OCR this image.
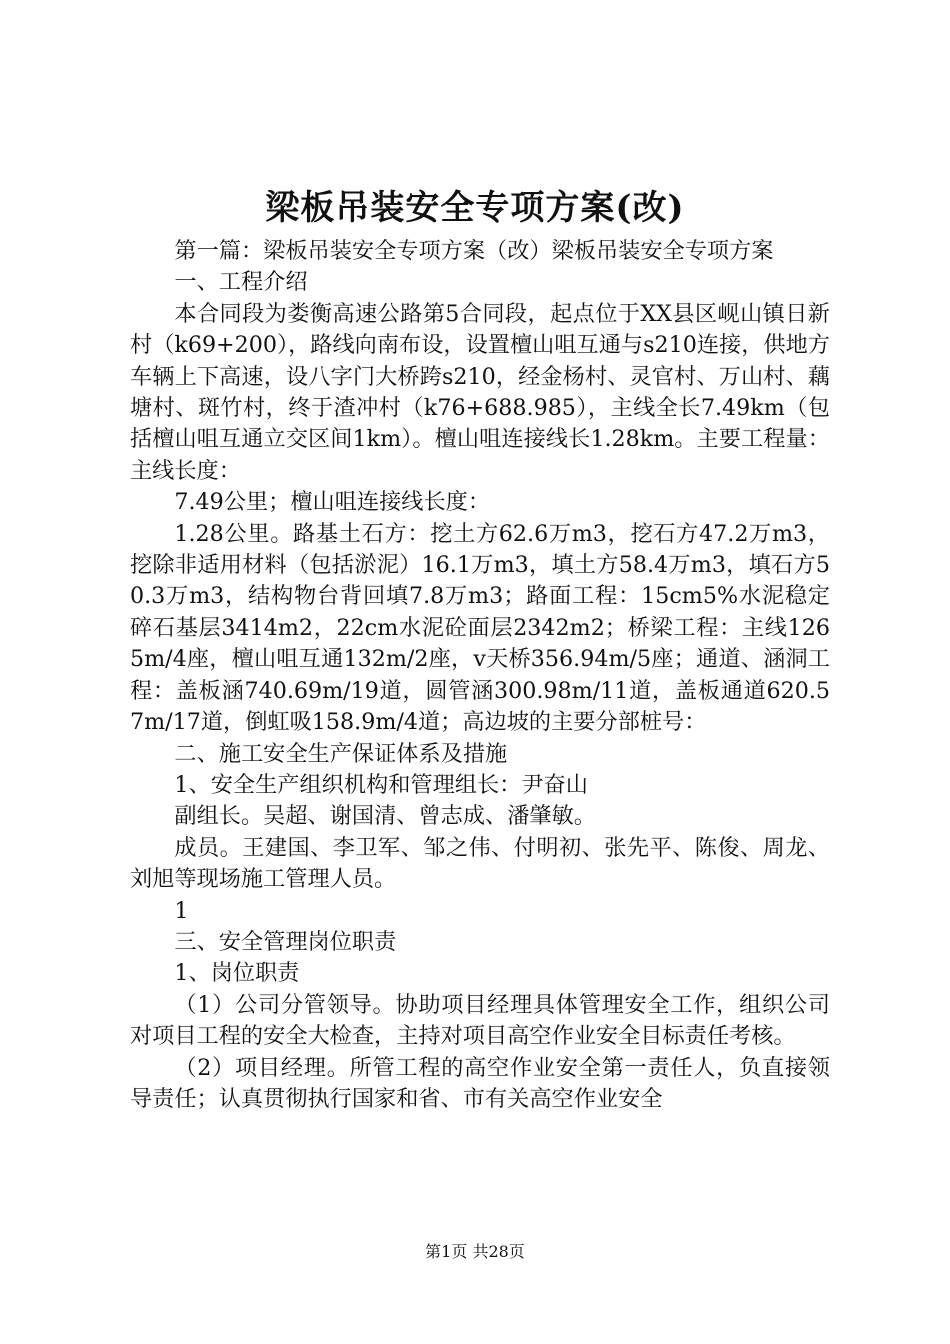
梁板吊装安全专项方案(改)

第一篇：梁板吊装安全专项方案（改）梁板吊装安全专项方案

一、工程介绍

本合同段为娄衡高速公路第5合同段，起点位于XX县区岘山镇日新村（k69+200），路线向南布设，设置檀山咀互通与s210连接，供地方车辆上下高速，设八字门大桥跨s210，经金杨村、灵官村、万山村、藕塘村、斑竹村，终于渣冲村（k76+688.985），主线全长7.49km（包括檀山咀互通立交区间1km）。檀山咀连接线长1.28km。主要工程量：主线长度：

7.49公里；檀山咀连接线长度：

1.28公里。路基土石方：挖土方62.6万m3，挖石方47.2万m3，挖除非适用材料（包括淤泥）16.1万m3，填土方58.4万m3，填石方50.3万m3，结构物台背回填7.8万m3；路面工程：15cm5%水泥稳定碎石基层3414m2，22cm水泥砼面层2342m2；桥梁工程：主线1265m/4座，檀山咀互通132m/2座，v天桥356.94m/5座；通道、涵洞工程：盖板涵740.69m/19道，圆管涵300.98m/11道，盖板通道620.57m/17道，倒虹吸158.9m/4道；高边坡的主要分部桩号：

二、施工安全生产保证体系及措施

1、安全生产组织机构和管理组长：尹奋山

副组长。吴超、谢国清、曾志成、潘肇敏。

成员。王建国、李卫军、邹之伟、付明初、张先平、陈俊、周龙、刘旭等现场施工管理人员。

1

三、安全管理岗位职责

1、岗位职责

（1）公司分管领导。协助项目经理具体管理安全工作，组织公司对项目工程的安全大检查，主持对项目高空作业安全目标责任考核。

（2）项目经理。所管工程的高空作业安全第一责任人，负直接领导责任；认真贯彻执行国家和省、市有关高空作业安全

第1页 共28页
